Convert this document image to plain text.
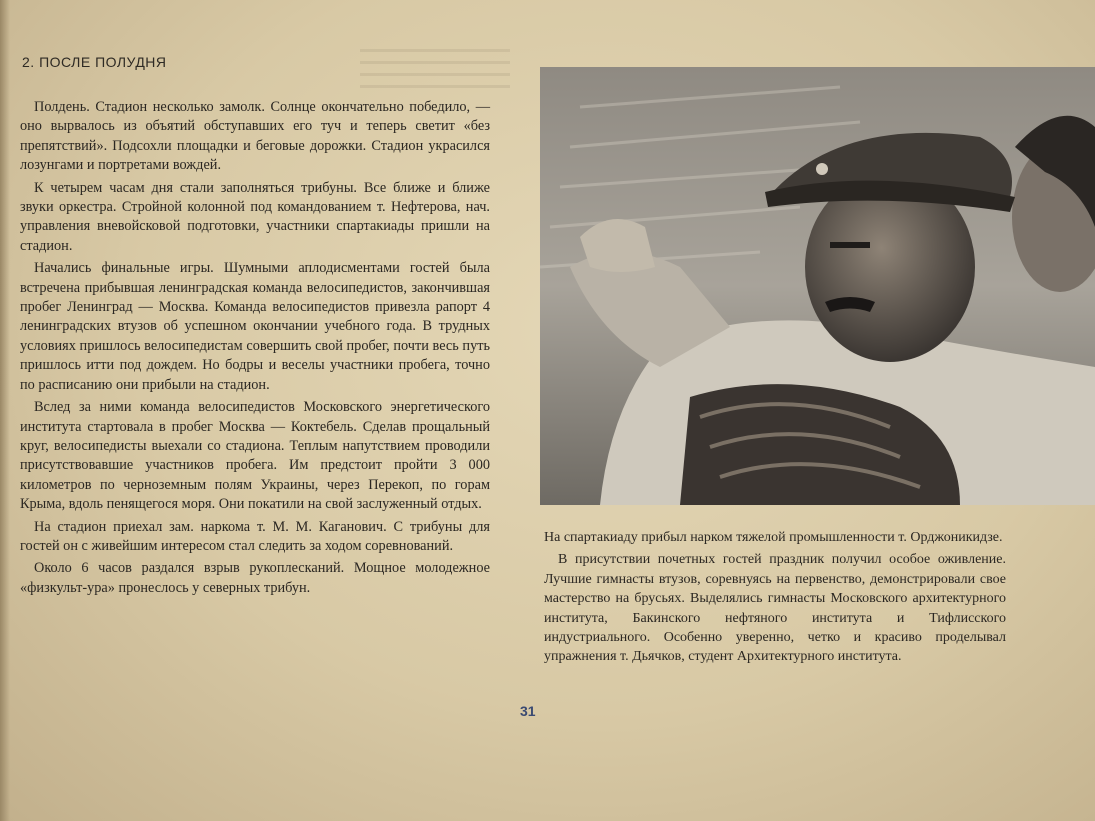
2. ПОСЛЕ ПОЛУДНЯ

Полдень. Стадион несколько замолк. Солнце окончательно победило, — оно вырвалось из объятий обступавших его туч и теперь светит «без препятствий». Подсохли площадки и беговые дорожки. Стадион украсился лозунгами и портретами вождей.

К четырем часам дня стали заполняться трибуны. Все ближе и ближе звуки оркестра. Стройной колонной под командованием т. Нефтерова, нач. управления вневойсковой подготовки, участники спартакиады пришли на стадион.

Начались финальные игры. Шумными аплодисментами гостей была встречена прибывшая ленинградская команда велосипедистов, закончившая пробег Ленинград — Москва. Команда велосипедистов привезла рапорт 4 ленинградских втузов об успешном окончании учебного года. В трудных условиях пришлось велосипедистам совершить свой пробег, почти весь путь пришлось итти под дождем. Но бодры и веселы участники пробега, точно по расписанию они прибыли на стадион.

Вслед за ними команда велосипедистов Московского энергетического института стартовала в пробег Москва — Коктебель. Сделав прощальный круг, велосипедисты выехали со стадиона. Теплым напутствием проводили присутствовавшие участников пробега. Им предстоит пройти 3 000 километров по черноземным полям Украины, через Перекоп, по горам Крыма, вдоль пенящегося моря. Они покатили на свой заслуженный отдых.

На стадион приехал зам. наркома т. М. М. Каганович. С трибуны для гостей он с живейшим интересом стал следить за ходом соревнований.

Около 6 часов раздался взрыв рукоплесканий. Мощное молодежное «физкульт-ура» пронеслось у северных трибун.

На спартакиаду прибыл нарком тяжелой промышленности т. Орджоникидзе.

В присутствии почетных гостей праздник получил особое оживление. Лучшие гимнасты втузов, соревнуясь на первенство, демонстрировали свое мастерство на брусьях. Выделялись гимнасты Московского архитектурного института, Бакинского нефтяного института и Тифлисского индустриального. Особенно уверенно, четко и красиво проделывал упражнения т. Дьячков, студент Архитектурного института.

31
